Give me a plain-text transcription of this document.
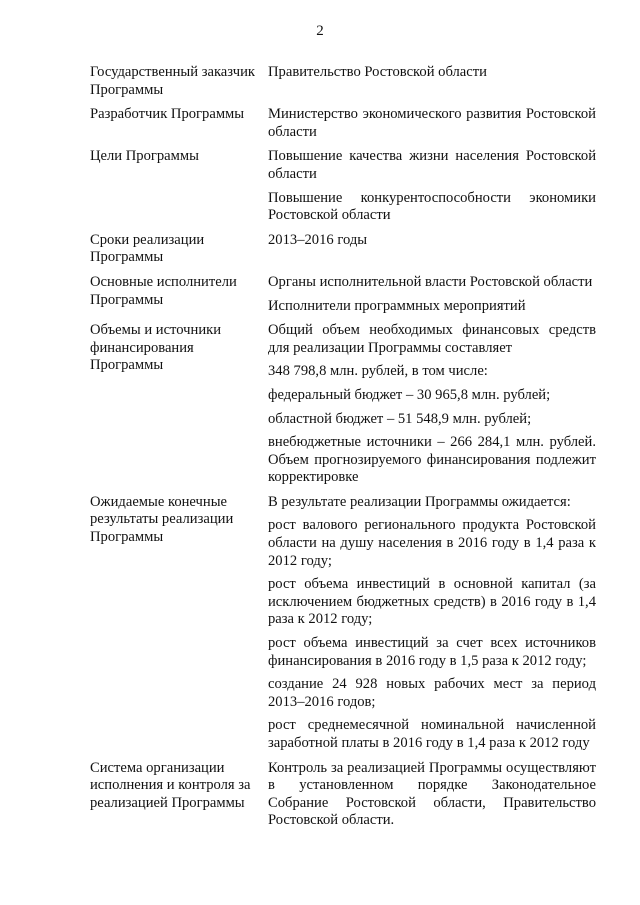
2
Государственный заказчик Программы
Правительство Ростовской области
Разработчик Программы	Министерство экономического развития Ростовской области
Цели Программы	Повышение качества жизни населения Ростовской области
Повышение конкурентоспособности экономики Ростовской области
Сроки реализации Программы
2013–2016 годы
Основные исполнители Программы
Органы исполнительной власти Ростовской области
Исполнители программных мероприятий
Объемы и источники финансирования Программы
Общий объем необходимых финансовых средств для реализации Программы составляет
348 798,8 млн. рублей, в том числе:
федеральный бюджет – 30 965,8 млн. рублей;
областной бюджет – 51 548,9 млн. рублей;
внебюджетные источники – 266 284,1 млн. рублей. Объем прогнозируемого финансирования подлежит корректировке
Ожидаемые конечные результаты реализации Программы
В результате реализации Программы ожидается:
рост валового регионального продукта Ростовской области на душу населения в 2016 году в 1,4 раза к 2012 году;
рост объема инвестиций в основной капитал (за исключением бюджетных средств) в 2016 году в 1,4 раза к 2012 году;
рост объема инвестиций за счет всех источников финансирования в 2016 году в 1,5 раза к 2012 году;
создание 24 928 новых рабочих мест за период 2013–2016 годов;
рост среднемесячной номинальной начисленной заработной платы в 2016 году в 1,4 раза к 2012 году
Система организации исполнения и контроля за реализацией Программы
Контроль за реализацией Программы осуществляют в установленном порядке Законодательное Собрание Ростовской области, Правительство Ростовской области.
